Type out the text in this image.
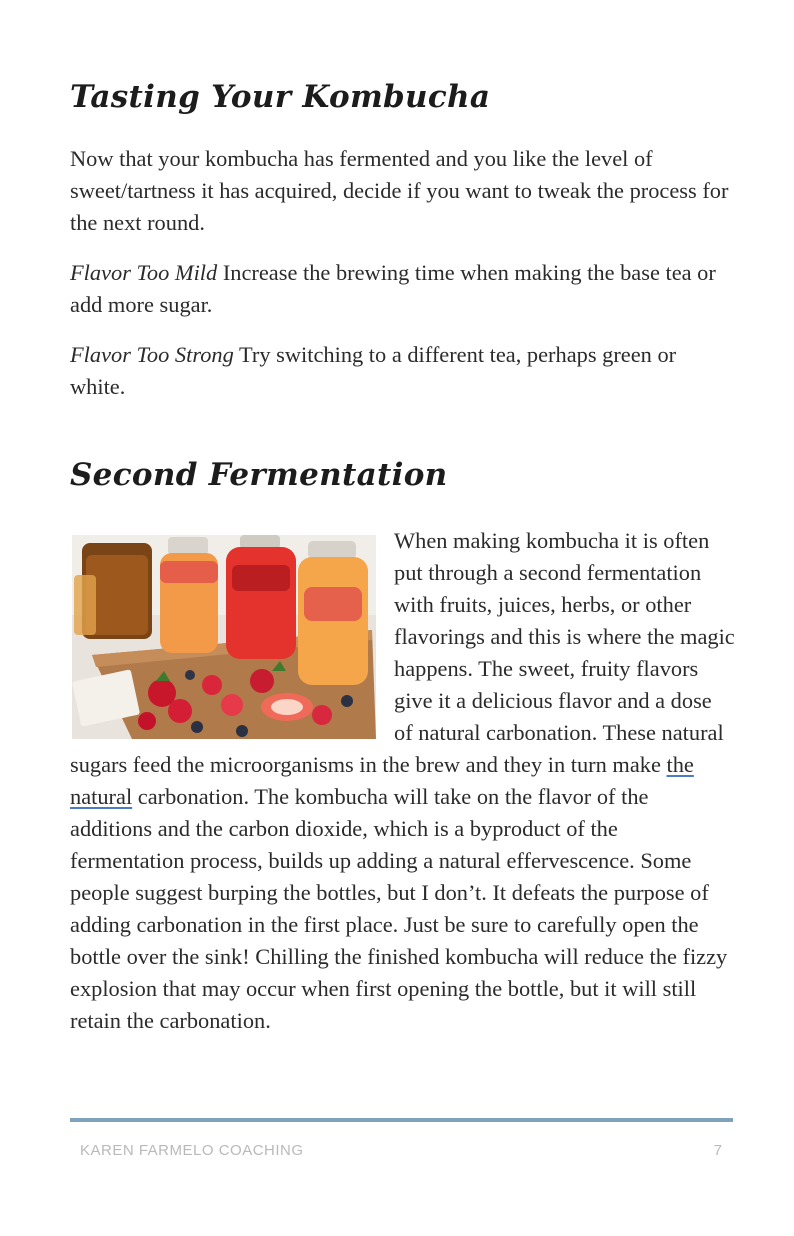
Tasting Your Kombucha

Now that your kombucha has fermented and you like the level of sweet/tartness it has acquired, decide if you want to tweak the process for the next round.

Flavor Too Mild Increase the brewing time when making the base tea or add more sugar.

Flavor Too Strong Try switching to a different tea, perhaps green or white.

Second Fermentation
When making kombucha it is often put through a second fermentation with fruits, juices, herbs, or other flavorings and this is where the magic happens. The sweet, fruity flavors give it a delicious flavor and a dose of natural carbonation. These natural sugars feed the microorganisms in the brew and they in turn make the natural carbonation. The kombucha will take on the flavor of the additions and the carbon dioxide, which is a byproduct of the fermentation process, builds up adding a natural effervescence. Some people suggest burping the bottles, but I don’t. It defeats the purpose of adding carbonation in the first place. Just be sure to carefully open the bottle over the sink! Chilling the finished kombucha will reduce the fizzy explosion that may occur when first opening the bottle, but it will still retain the carbonation.
KAREN FARMELO COACHING	7
